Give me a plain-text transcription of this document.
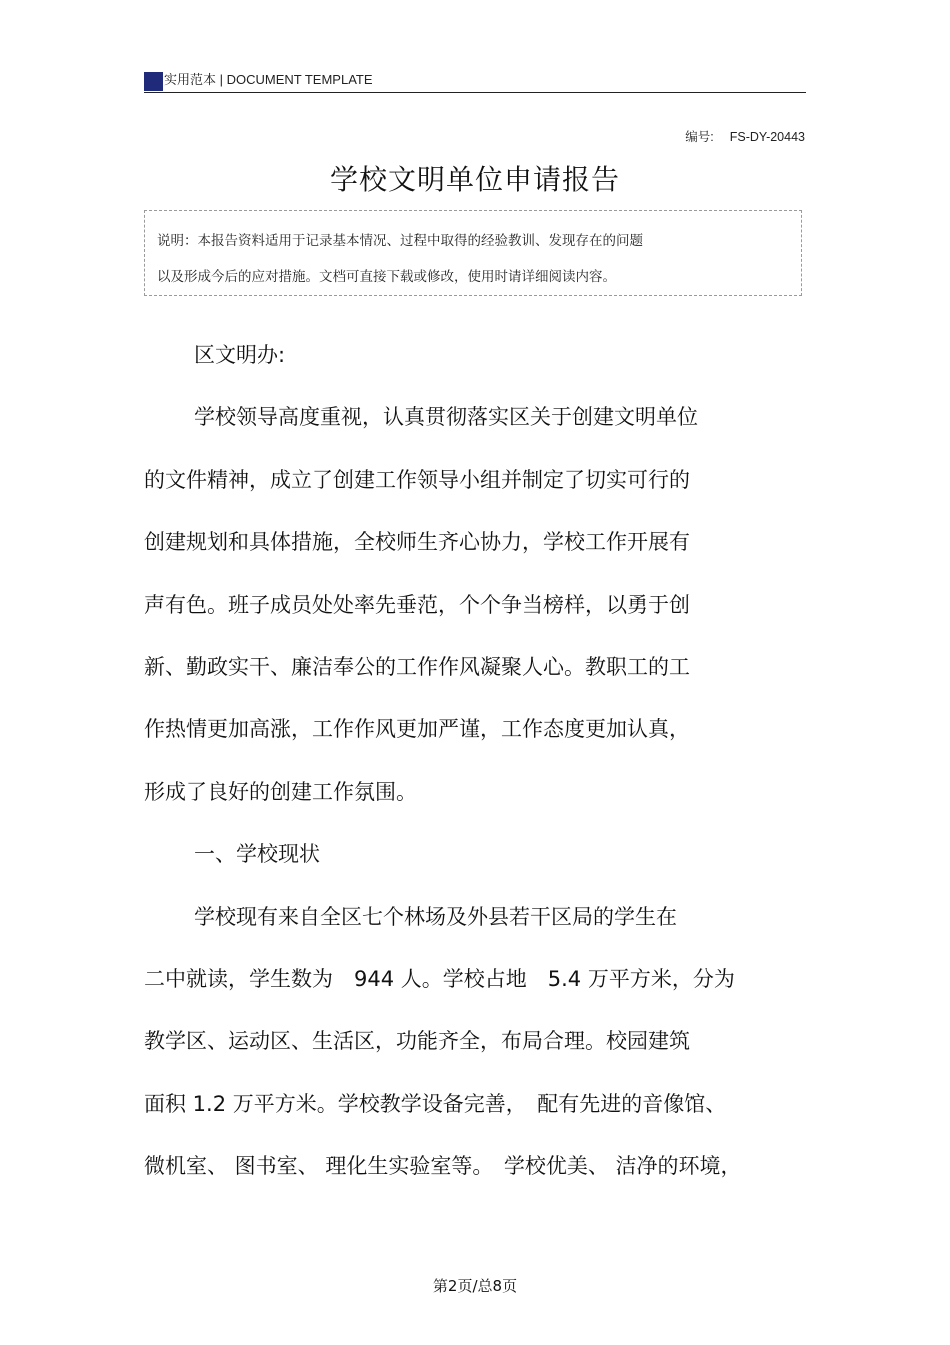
实用范本 | DOCUMENT TEMPLATE
编号: FS-DY-20443
学校文明单位申请报告

说明：本报告资料适用于记录基本情况、过程中取得的经验教训、发现存在的问题

以及形成今后的应对措施。文档可直接下载或修改，使用时请详细阅读内容。

区文明办:
学校领导高度重视，认真贯彻落实区关于创建文明单位
的文件精神，成立了创建工作领导小组并制定了切实可行的
创建规划和具体措施，全校师生齐心协力，学校工作开展有
声有色。班子成员处处率先垂范，个个争当榜样，以勇于创
新、勤政实干、廉洁奉公的工作作风凝聚人心。教职工的工
作热情更加高涨，工作作风更加严谨，工作态度更加认真，
形成了良好的创建工作氛围。
一、学校现状
学校现有来自全区七个林场及外县若干区局的学生在
二中就读，学生数为　944 人。学校占地　5.4 万平方米，分为
教学区、运动区、生活区，功能齐全，布局合理。校园建筑
面积 1.2 万平方米。学校教学设备完善，　配有先进的音像馆、
微机室、 图书室、 理化生实验室等。　学校优美、 洁净的环境，
第2页/总8页
